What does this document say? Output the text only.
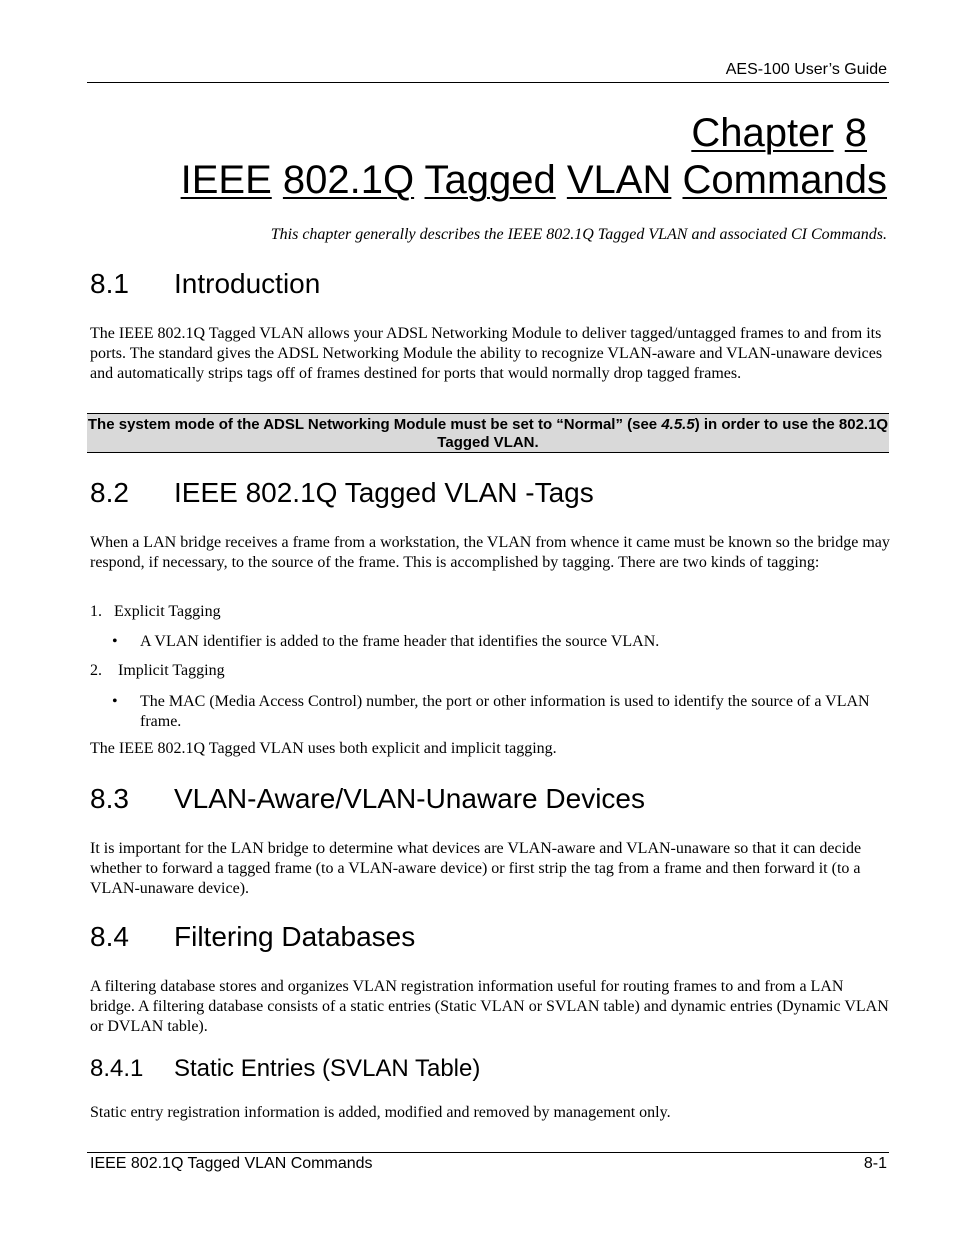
AES-100 User’s Guide
Chapter 8
IEEE 802.1Q Tagged VLAN Commands
This chapter generally describes the IEEE 802.1Q Tagged VLAN and associated CI Commands.
8.1 Introduction

The IEEE 802.1Q Tagged VLAN allows your ADSL Networking Module to deliver tagged/untagged frames to and from its ports. The standard gives the ADSL Networking Module the ability to recognize VLAN-aware and VLAN-unaware devices and automatically strips tags off of frames destined for ports that would normally drop tagged frames.

The system mode of the ADSL Networking Module must be set to “Normal” (see 4.5.5) in order to use the 802.1Q Tagged VLAN.
8.2 IEEE 802.1Q Tagged VLAN -Tags

When a LAN bridge receives a frame from a workstation, the VLAN from whence it came must be known so the bridge may respond, if necessary, to the source of the frame. This is accomplished by tagging. There are two kinds of tagging:

1.   Explicit Tagging
• A VLAN identifier is added to the frame header that identifies the source VLAN.
2.    Implicit Tagging
• The MAC (Media Access Control) number, the port or other information is used to identify the source of a VLAN frame.

The IEEE 802.1Q Tagged VLAN uses both explicit and implicit tagging.

8.3 VLAN-Aware/VLAN-Unaware Devices

It is important for the LAN bridge to determine what devices are VLAN-aware and VLAN-unaware so that it can decide whether to forward a tagged frame (to a VLAN-aware device) or first strip the tag from a frame and then forward it (to a VLAN-unaware device).

8.4 Filtering Databases

A filtering database stores and organizes VLAN registration information useful for routing frames to and from a LAN bridge. A filtering database consists of a static entries (Static VLAN or SVLAN table) and dynamic entries (Dynamic VLAN or DVLAN table).

8.4.1 Static Entries (SVLAN Table)

Static entry registration information is added, modified and removed by management only.

IEEE 802.1Q Tagged VLAN Commands	8-1
